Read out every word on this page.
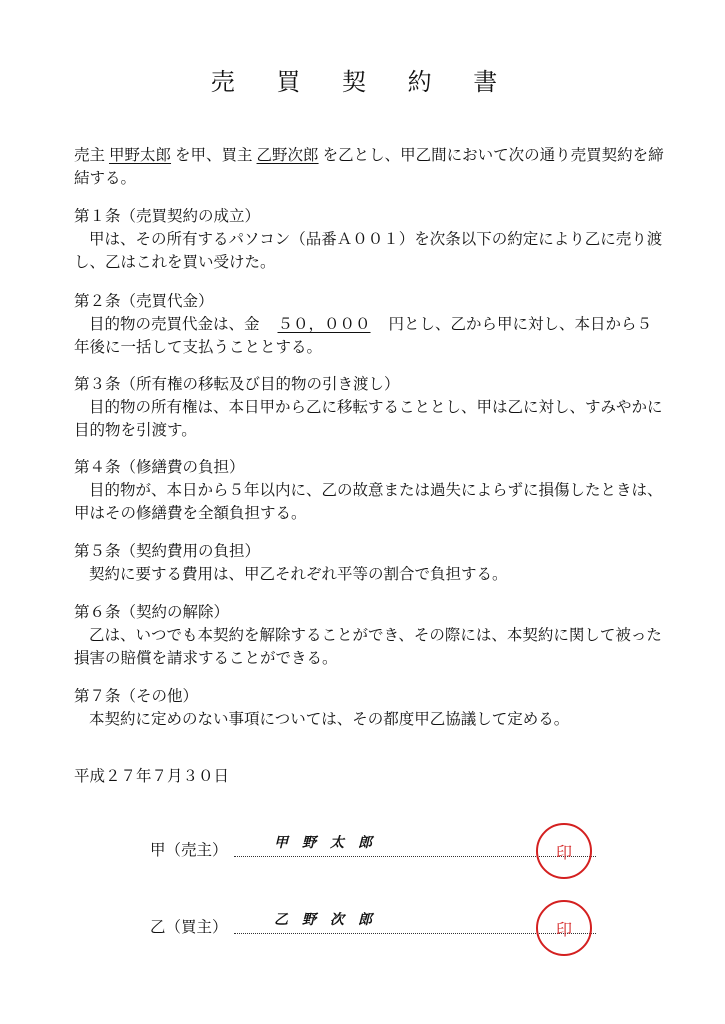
売 買 契 約 書
売主 甲野太郎 を甲、買主 乙野次郎 を乙とし、甲乙間において次の通り売買契約を締結する。
第１条（売買契約の成立）
甲は、その所有するパソコン（品番Ａ００１）を次条以下の約定により乙に売り渡し、乙はこれを買い受けた。
第２条（売買代金）
目的物の売買代金は、金 ５０，０００ 円とし、乙から甲に対し、本日から５年後に一括して支払うこととする。
第３条（所有権の移転及び目的物の引き渡し）
目的物の所有権は、本日甲から乙に移転することとし、甲は乙に対し、すみやかに目的物を引渡す。
第４条（修繕費の負担）
目的物が、本日から５年以内に、乙の故意または過失によらずに損傷したときは、甲はその修繕費を全額負担する。
第５条（契約費用の負担）
契約に要する費用は、甲乙それぞれ平等の割合で負担する。
第６条（契約の解除）
乙は、いつでも本契約を解除することができ、その際には、本契約に関して被った損害の賠償を請求することができる。
第７条（その他）
本契約に定めのない事項については、その都度甲乙協議して定める。
平成２７年７月３０日
甲（売主）	甲野太郎	印
乙（買主）	乙野次郎	印
